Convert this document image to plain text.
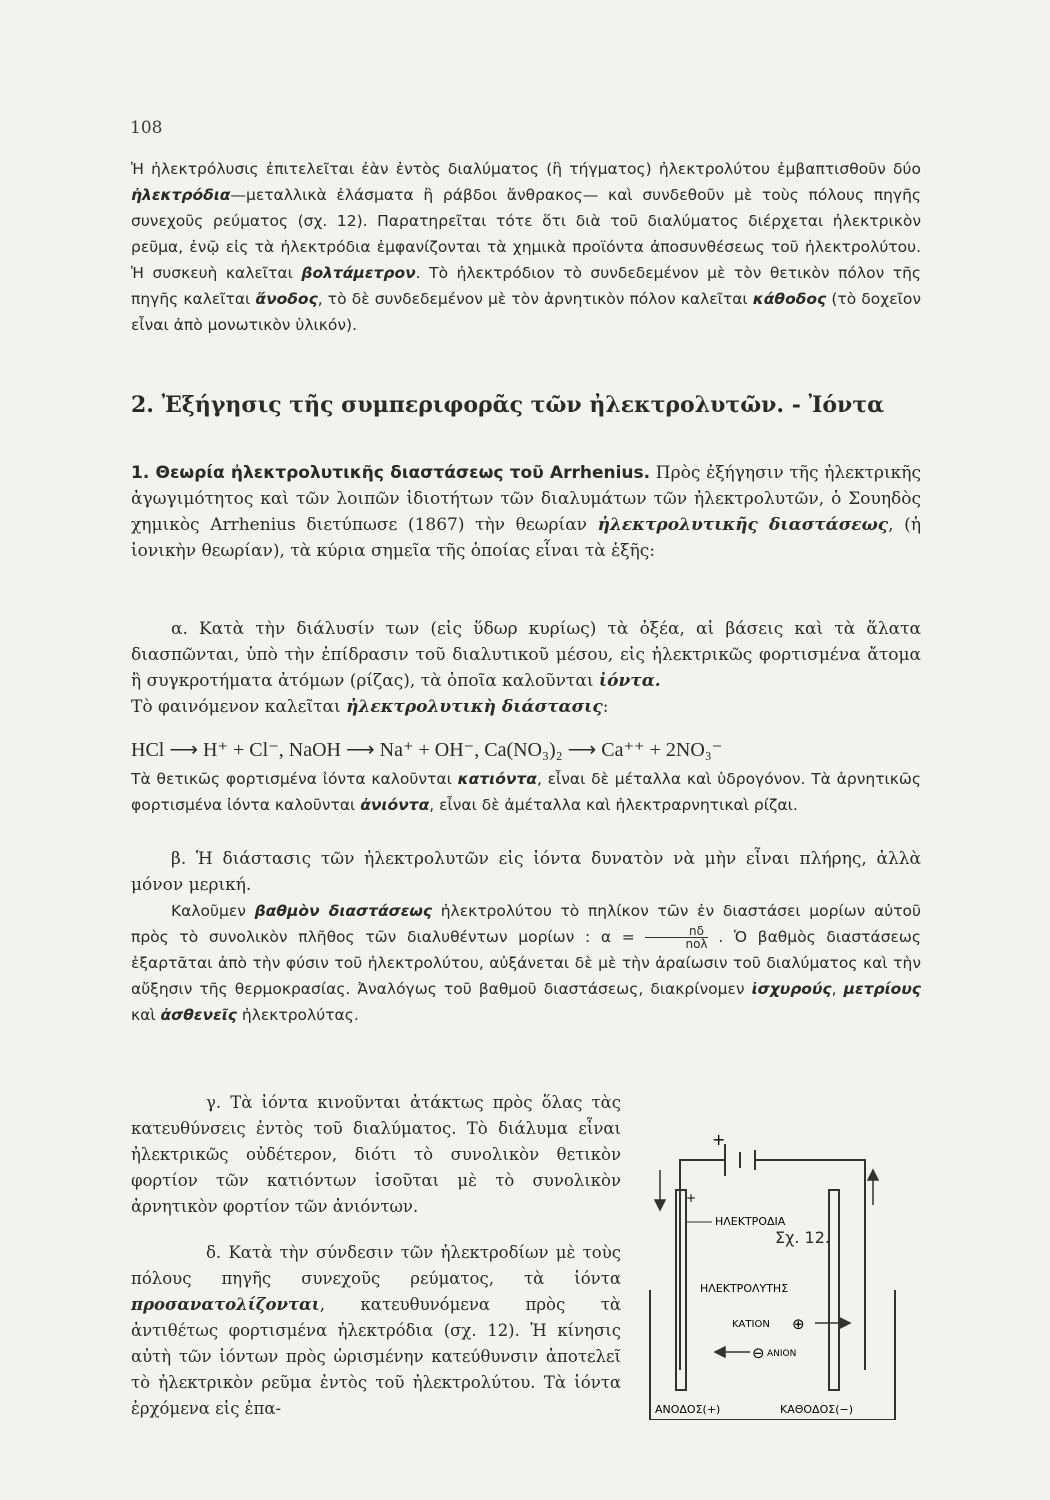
108

Ἡ ἠλεκτρόλυσις ἐπιτελεῖται ἐὰν ἐντὸς διαλύματος (ἢ τήγματος) ἠλεκτρολύτου ἐμβαπτισθοῦν δύο ἠλεκτρόδια—μεταλλικὰ ἐλάσματα ἢ ράβδοι ἄνθρακος— καὶ συνδεθοῦν μὲ τοὺς πόλους πηγῆς συνεχοῦς ρεύματος (σχ. 12). Παρατηρεῖται τότε ὅτι διὰ τοῦ διαλύματος διέρχεται ἠλεκτρικὸν ρεῦμα, ἐνῷ εἰς τὰ ἠλεκτρόδια ἐμφανίζονται τὰ χημικὰ προϊόντα ἀποσυνθέσεως τοῦ ἠλεκτρολύτου. Ἡ συσκευὴ καλεῖται βολτάμετρον. Τὸ ἠλεκτρόδιον τὸ συνδεδεμένον μὲ τὸν θετικὸν πόλον τῆς πηγῆς καλεῖται ἄνοδος, τὸ δὲ συνδεδεμένον μὲ τὸν ἀρνητικὸν πόλον καλεῖται κάθοδος (τὸ δοχεῖον εἶναι ἀπὸ μονωτικὸν ὑλικόν).

2. Ἐξήγησις τῆς συμπεριφορᾶς τῶν ἠλεκτρολυτῶν. - Ἰόντα

1. Θεωρία ἠλεκτρολυτικῆς διαστάσεως τοῦ Arrhenius. Πρὸς ἐξήγησιν τῆς ἠλεκτρικῆς ἀγωγιμότητος καὶ τῶν λοιπῶν ἰδιοτήτων τῶν διαλυμάτων τῶν ἠλεκτρολυτῶν, ὁ Σουηδὸς χημικὸς Arrhenius διετύπωσε (1867) τὴν θεωρίαν ἠλεκτρολυτικῆς διαστάσεως, (ἡ ἰονικὴν θεωρίαν), τὰ κύρια σημεῖα τῆς ὁποίας εἶναι τὰ ἑξῆς:

α. Κατὰ τὴν διάλυσίν των (εἰς ὕδωρ κυρίως) τὰ ὀξέα, αἱ βάσεις καὶ τὰ ἅλατα διασπῶνται, ὑπὸ τὴν ἐπίδρασιν τοῦ διαλυτικοῦ μέσου, εἰς ἠλεκτρικῶς φορτισμένα ἄτομα ἢ συγκροτήματα ἀτόμων (ρίζας), τὰ ὁποῖα καλοῦνται ἰόντα.
Τὸ φαινόμενον καλεῖται ἠλεκτρολυτικὴ διάστασις:

HCl ⟶ H⁺ + Cl⁻, NaOH ⟶ Na⁺ + OH⁻, Ca(NO₃)₂ ⟶ Ca⁺⁺ + 2NO₃⁻

Τὰ θετικῶς φορτισμένα ἰόντα καλοῦνται κατιόντα, εἶναι δὲ μέταλλα καὶ ὑδρογόνον. Τὰ ἀρνητικῶς φορτισμένα ἰόντα καλοῦνται ἀνιόντα, εἶναι δὲ ἀμέταλλα καὶ ἠλεκτραρνητικαὶ ρίζαι.

β. Ἡ διάστασις τῶν ἠλεκτρολυτῶν εἰς ἰόντα δυνατὸν νὰ μὴν εἶναι πλήρης, ἀλλὰ μόνον μερική.

Καλοῦμεν βαθμὸν διαστάσεως ἠλεκτρολύτου τὸ πηλίκον τῶν ἐν διαστάσει μορίων αὐτοῦ πρὸς τὸ συνολικὸν πλῆθος τῶν διαλυθέντων μορίων : $\alpha = \frac{n\delta}{\text{nολ}}$ . Ὁ βαθμὸς διαστάσεως ἐξαρτᾶται ἀπὸ τὴν φύσιν τοῦ ἠλεκτρολύτου, αὐξάνεται δὲ μὲ τὴν ἀραίωσιν τοῦ διαλύματος καὶ τὴν αὔξησιν τῆς θερμοκρασίας. Ἀναλόγως τοῦ βαθμοῦ διαστάσεως, διακρίνομεν ἰσχυρούς, μετρίους καὶ ἀσθενεῖς ἠλεκτρολύτας.

γ. Τὰ ἰόντα κινοῦνται ἀτάκτως πρὸς ὅλας τὰς κατευθύνσεις ἐντὸς τοῦ διαλύματος. Τὸ διάλυμα εἶναι ἠλεκτρικῶς οὐδέτερον, διότι τὸ συνολικὸν θετικὸν φορτίον τῶν κατιόντων ἰσοῦται μὲ τὸ συνολικὸν ἀρνητικὸν φορτίον τῶν ἀνιόντων.

δ. Κατὰ τὴν σύνδεσιν τῶν ἠλεκτροδίων μὲ τοὺς πόλους πηγῆς συνεχοῦς ρεύματος, τὰ ἰόντα προσανατολίζονται, κατευθυνόμενα πρὸς τὰ ἀντιθέτως φορτισμένα ἠλεκτρόδια (σχ. 12). Ἡ κίνησις αὐτὴ τῶν ἰόντων πρὸς ὡρισμένην κατεύθυνσιν ἀποτελεῖ τὸ ἠλεκτρικὸν ρεῦμα ἐντὸς τοῦ ἠλεκτρολύτου. Τὰ ἰόντα ἐρχόμενα εἰς ἐπα-

+
+
ΗΛΕΚΤΡΟΔΙΑ
ΗΛΕΚΤΡΟΛΥΤΗΣ
ΚΑΤΙΟΝ ⊕
⊖ ΑΝΙΟΝ
ΑΝΟΔΟΣ(+)	ΚΑΘΟΔΟΣ(−)
Σχ. 12.
